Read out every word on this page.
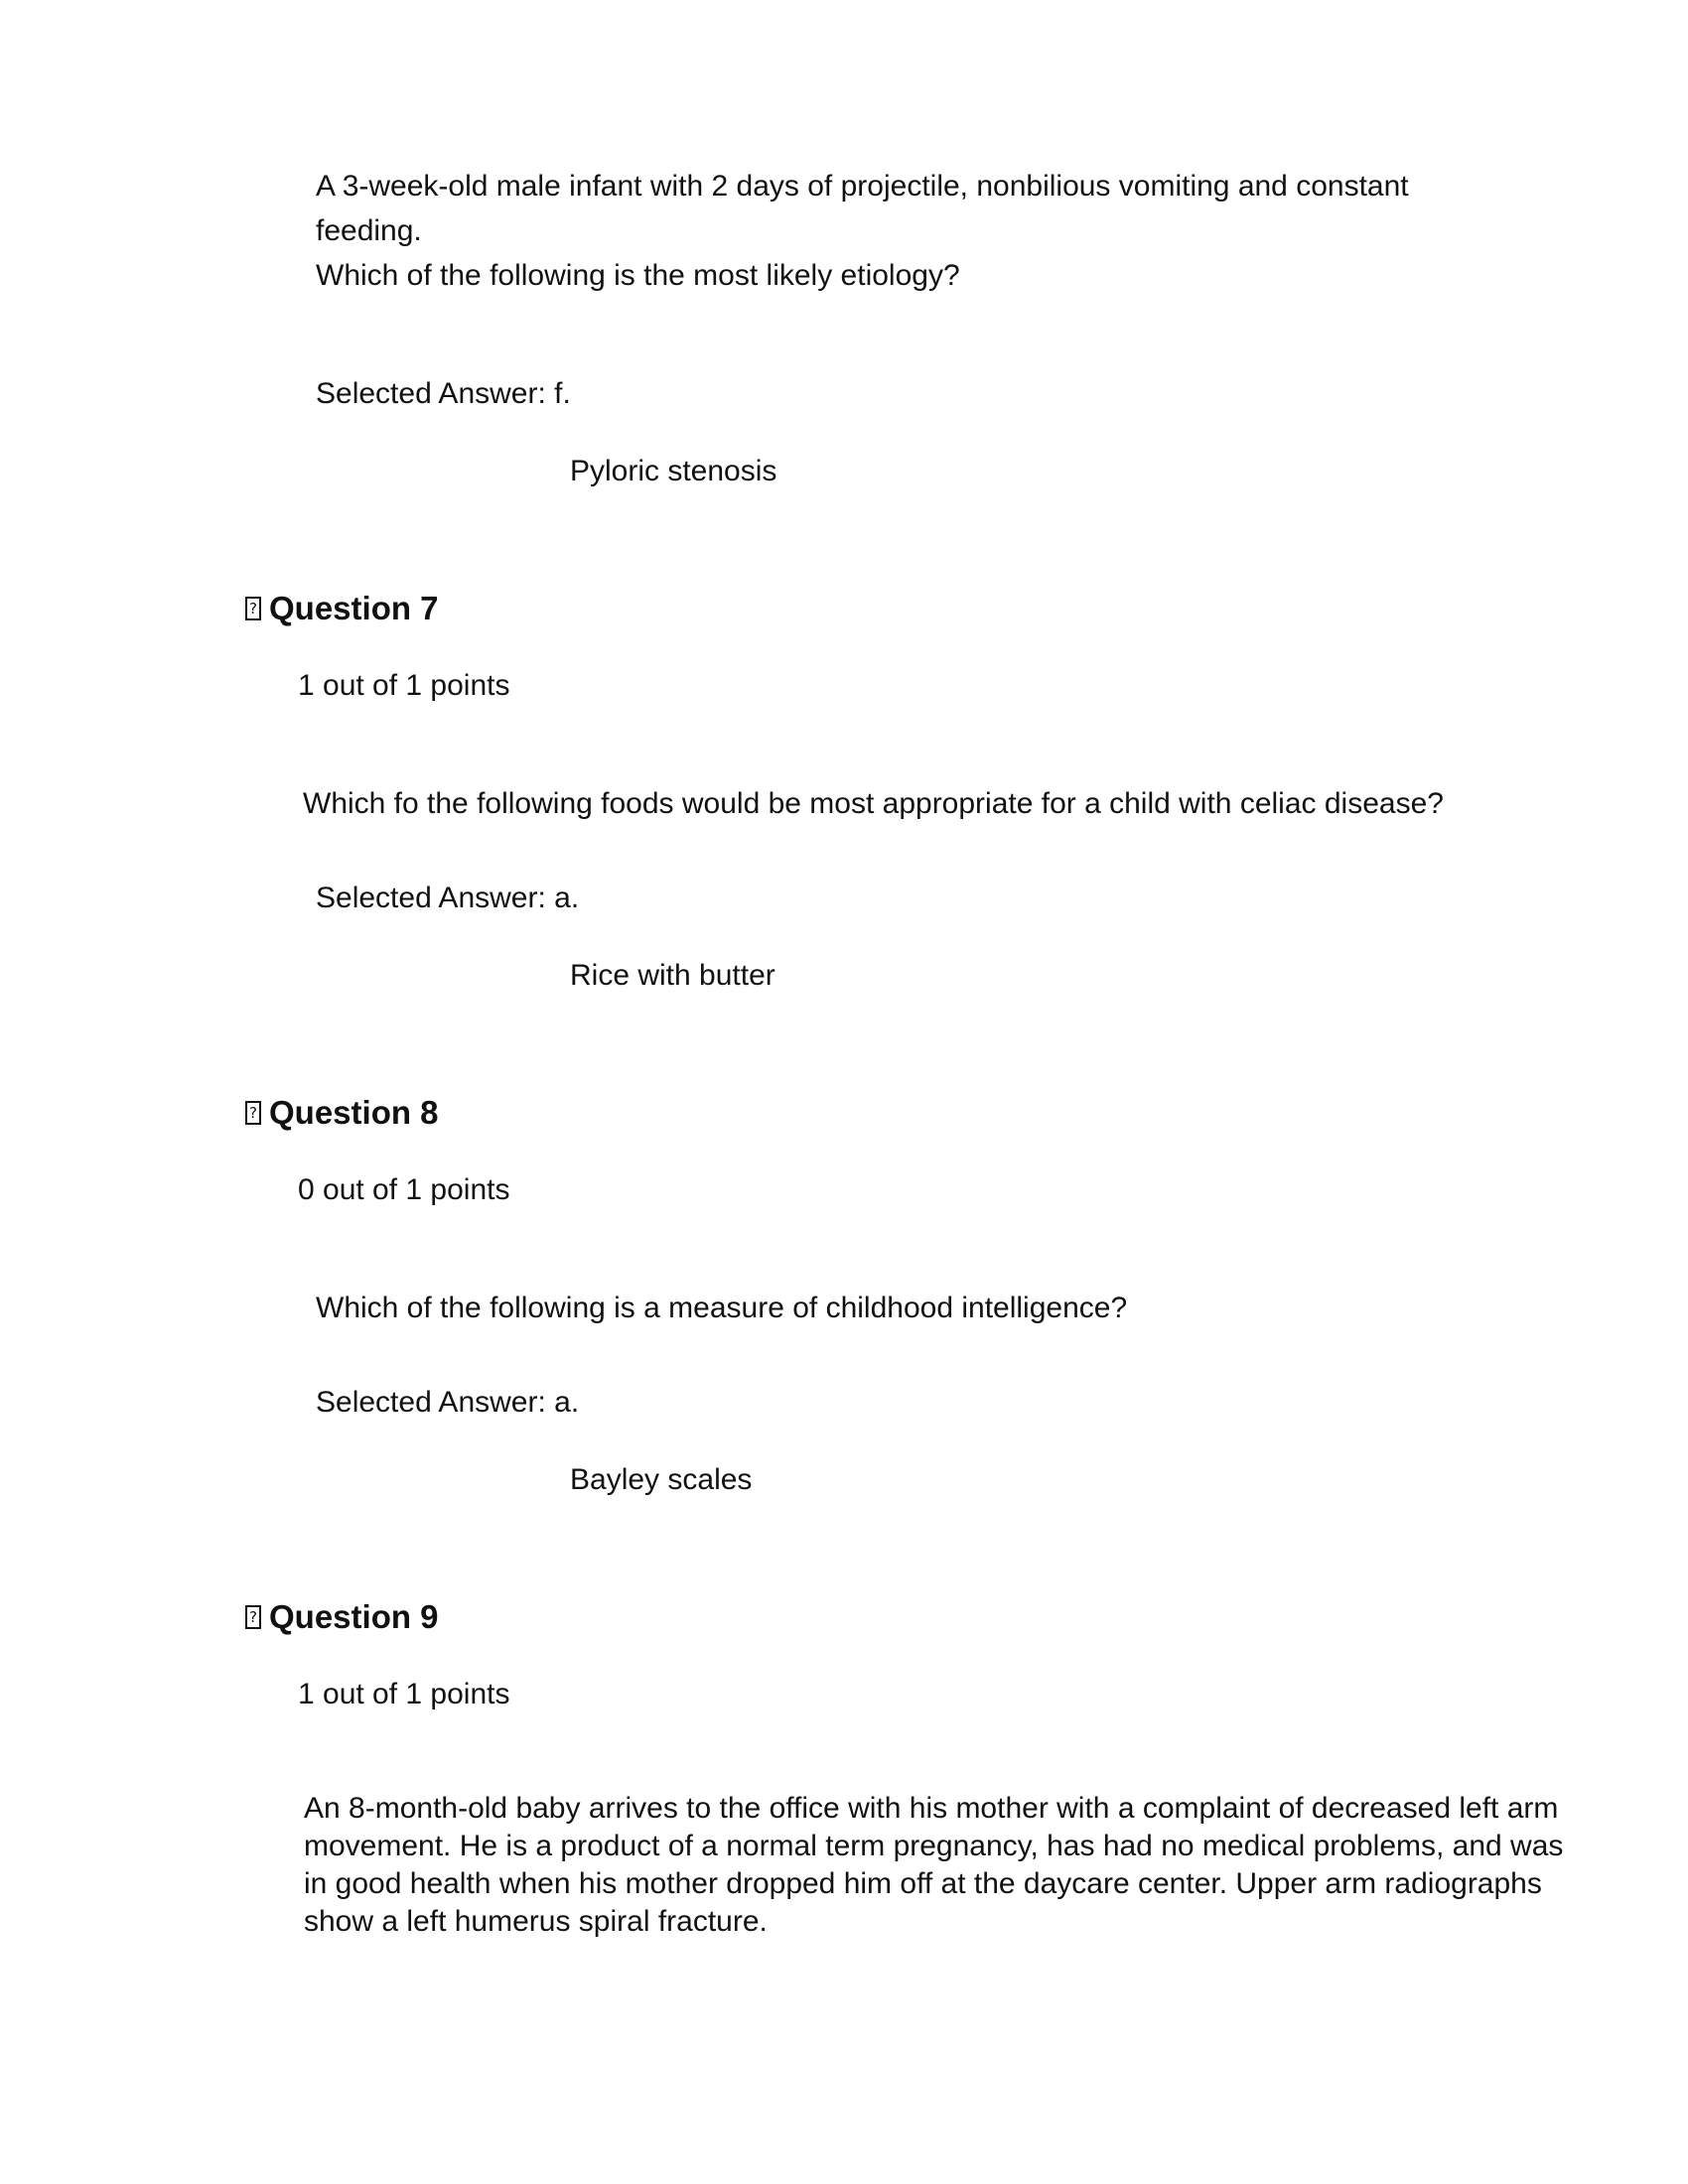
A 3-week-old male infant with 2 days of projectile, nonbilious vomiting and constant

feeding.

Which of the following is the most likely etiology?

Selected Answer: f.

Pyloric stenosis

?
Question 7

1 out of 1 points

Which fo the following foods would be most appropriate for a child with celiac disease?

Selected Answer: a.

Rice with butter

?
Question 8

0 out of 1 points

Which of the following is a measure of childhood intelligence?

Selected Answer: a.

Bayley scales

?
Question 9

1 out of 1 points

An 8-month-old baby arrives to the office with his mother with a complaint of decreased left arm movement. He is a product of a normal term pregnancy, has had no medical problems, and was in good health when his mother dropped him off at the daycare center. Upper arm radiographs show a left humerus spiral fracture.
